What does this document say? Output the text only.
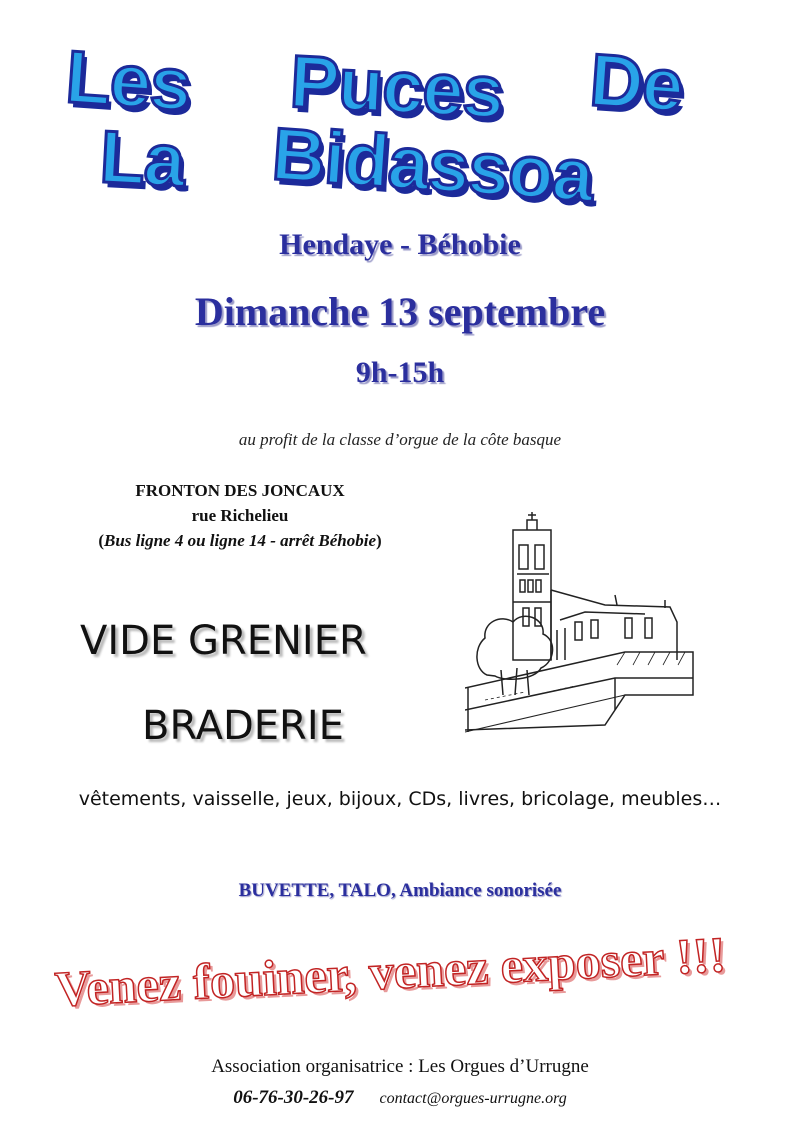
Les Puces De
La Bidassoa
Hendaye - Béhobie
Dimanche 13 septembre
9h-15h
au profit de la classe d’orgue de la côte basque
FRONTON DES JONCAUX
rue Richelieu
(Bus ligne 4 ou ligne 14 - arrêt Béhobie)
VIDE GRENIER
BRADERIE
vêtements, vaisselle, jeux, bijoux, CDs, livres, bricolage, meubles…
BUVETTE, TALO, Ambiance sonorisée
Venez fouiner, venez exposer !!!
Association organisatrice : Les Orgues d’Urrugne
06-76-30-26-97 contact@orgues-urrugne.org
